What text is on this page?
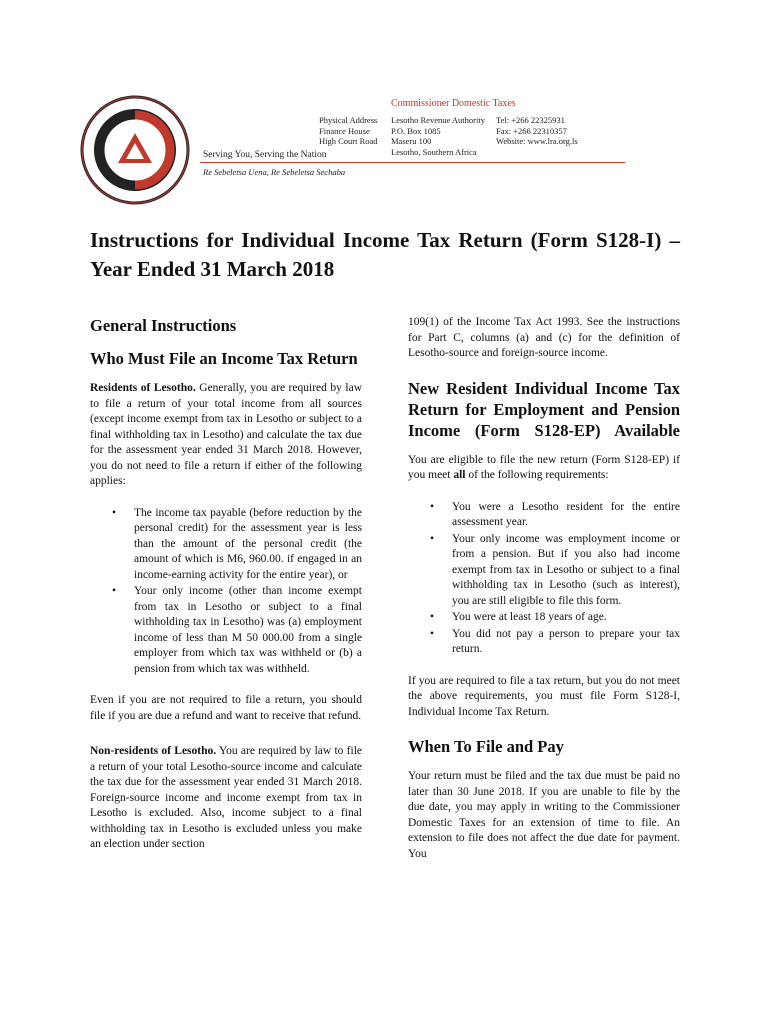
Commissioner Domestic Taxes
Physical Address
Finance House
High Court Road
Lesotho Revenue Authority
P.O. Box 1085
Maseru 100
Lesotho, Southern Africa
Tel: +266 22325931
Fax: +266 22310357
Website: www.lra.org.ls
Serving You, Serving the Nation
Re Sebeletsa Uena, Re Sebeletsa Sechaba
Instructions for Individual Income Tax Return (Form S128-I) – Year Ended 31 March 2018
General Instructions
Who Must File an Income Tax Return

Residents of Lesotho. Generally, you are required by law to file a return of your total income from all sources (except income exempt from tax in Lesotho or subject to a final withholding tax in Lesotho) and calculate the tax due for the assessment year ended 31 March 2018. However, you do not need to file a return if either of the following applies:

• The income tax payable (before reduction by the personal credit) for the assessment year is less than the amount of the personal credit (the amount of which is M6, 960.00. if engaged in an income-earning activity for the entire year), or
• Your only income (other than income exempt from tax in Lesotho or subject to a final withholding tax in Lesotho) was (a) employment income of less than M 50 000.00 from a single employer from which tax was withheld or (b) a pension from which tax was withheld.

Even if you are not required to file a return, you should file if you are due a refund and want to receive that refund.

Non-residents of Lesotho. You are required by law to file a return of your total Lesotho-source income and calculate the tax due for the assessment year ended 31 March 2018. Foreign-source income and income exempt from tax in Lesotho is excluded. Also, income subject to a final withholding tax in Lesotho is excluded unless you make an election under section

109(1) of the Income Tax Act 1993. See the instructions for Part C, columns (a) and (c) for the definition of Lesotho-source and foreign-source income.

New Resident Individual Income Tax Return for Employment and Pension Income (Form S128-EP) Available

You are eligible to file the new return (Form S128-EP) if you meet all of the following requirements:

• You were a Lesotho resident for the entire assessment year.
• Your only income was employment income or from a pension. But if you also had income exempt from tax in Lesotho or subject to a final withholding tax in Lesotho (such as interest), you are still eligible to file this form.
• You were at least 18 years of age.
• You did not pay a person to prepare your tax return.

If you are required to file a tax return, but you do not meet the above requirements, you must file Form S128-I, Individual Income Tax Return.

When To File and Pay

Your return must be filed and the tax due must be paid no later than 30 June 2018. If you are unable to file by the due date, you may apply in writing to the Commissioner Domestic Taxes for an extension of time to file. An extension to file does not affect the due date for payment. You
